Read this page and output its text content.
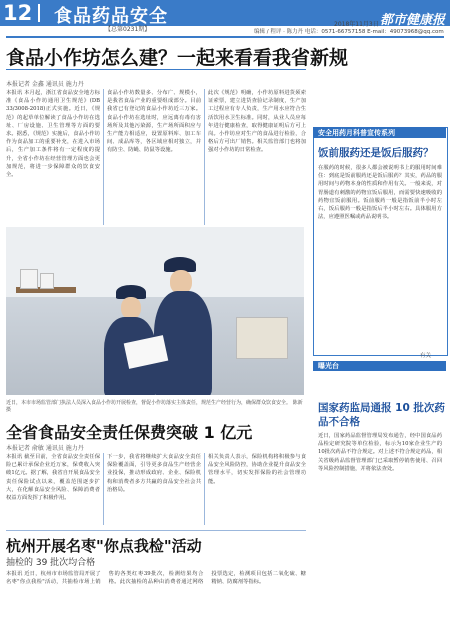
12 食品药品安全
【总第0231期】
2018年11月3日 都市健康报
编辑 / 程评 · 陈力丹 电话：0571-66757158 E-mail：49073968@qq.com
食品小作坊怎么建？一起来看看我省新规
本报记者 金鑫 通讯员 施力丹
本报讯 本月起，浙江省食品安全地方标准《食品小作坊通用卫生规范》(DB 33/3008-2018)正式实施。近日，《规范》的起草单位解读了食品小作坊在选址、厂房设施、卫生管理等方面的要求。据悉，《规范》实施后，食品小作坊作为食品加工的重要补充，在进入市场后，生产加工条件将有一定程度的提升，全省小作坊在经营管理方面也会更加规范，将进一步保障群众的饮食安全。
食品小作坊数量多、分布广、规模小，是我省食品产业的重要组成部分。目前我省已有登记的食品小作坊近三万家。食品小作坊在选址时，应远离有毒有害场所及其他污染源，生产场所面积应与生产能力相适应，设置原料库、加工车间、成品库等，各区域应相对独立，并有防尘、防蝇、防鼠等设施。
此次《规范》明确，小作坊原料进货须索证索票，建立进货查验记录制度，生产加工过程应有专人负责，生产用水应符合生活饮用水卫生标准。同时，从业人员应每年进行健康检查，取得健康证明后方可上岗。小作坊应对生产的食品进行检验，合格后方可出厂销售。相关监管部门也将加强对小作坊的日常检查。
近日，本市市场监管部门执法人员深入食品小作坊开展检查，督促小作坊落实主体责任，规范生产经营行为，确保群众饮食安全。 陈新 摄
安全用药月科普宣传系列
饭前服药还是饭后服药？
在服药的时候，很多人都会被说明书上的服用时间难住：到底是饭前服药还是饭后服药？其实，药品的服用时间与药物本身的性质和作用有关。一般来说，对胃肠道有刺激的药物宜饭后服用，而需要快速吸收的药物宜饭前服用。饭前服药一般是指饭前半小时左右，饭后服药一般是指饭后半小时左右。具体服用方法，应遵照医嘱或药品说明书。
有关
曝光台
国家药监局通报 10 批次药品不合格
近日，国家药品监督管理局发布通告，经中国食品药品检定研究院等单位检验，标示为10家企业生产的10批次药品不符合规定。对上述不符合规定药品，相关省级药品监督管理部门已采取暂停销售使用、召回等风险控制措施，并将依法查处。
全省食品安全责任保费突破 1 亿元
本报记者 俞敏 通讯员 施力丹
本报讯 截至目前，全省食品安全责任保险已累计承保企业近万家，保费收入突破1亿元。据了解，我省自开展食品安全责任保险试点以来，覆盖范围逐步扩大，在化解食品安全风险、保障消费者权益方面发挥了积极作用。
下一步，我省将继续扩大食品安全责任保险覆盖面，引导更多食品生产经营企业投保，推动形成政府、企业、保险机构和消费者多方共赢的食品安全社会共治格局。
相关负责人表示，保险机构将积极参与食品安全风险防控，协助企业提升食品安全管理水平，切实发挥保险的社会管理功能。
杭州开展名枣"你点我检"活动
抽检的 39 批次均合格
本报讯 近日，杭州市市场监管局开展了名枣"你点我检"活动，共抽检市场上销售的各类红枣39批次，检测结果均合格。此次抽检的品种由消费者通过网络投票选定，检测项目包括二氧化硫、糖精钠、防腐剂等指标。
